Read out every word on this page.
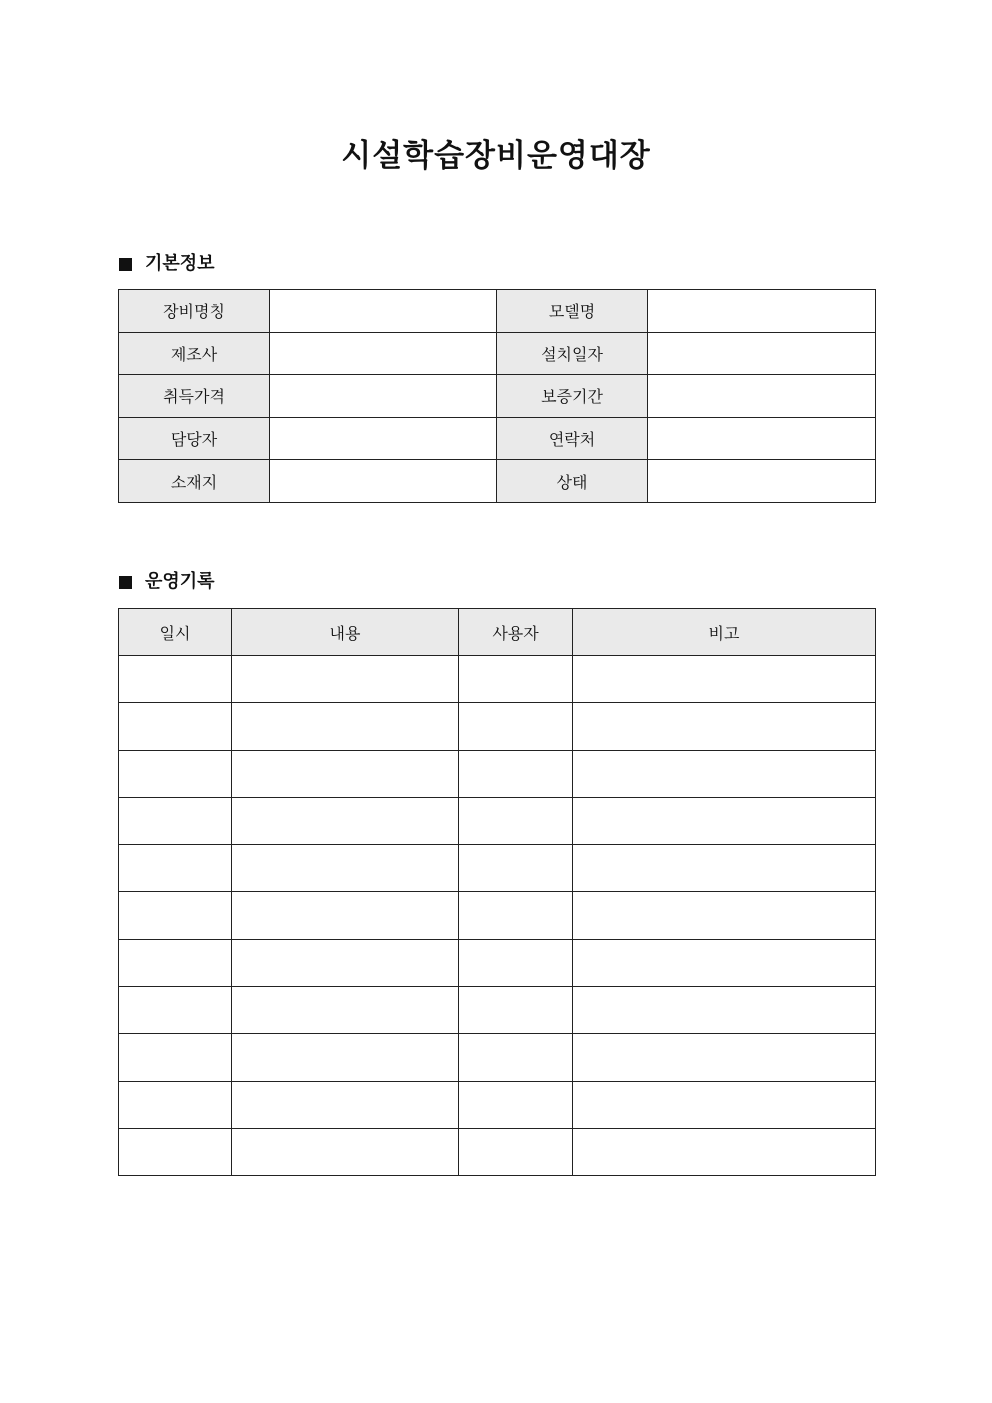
시설학습장비운영대장
기본정보
장비명칭		모델명	
제조사		설치일자	
취득가격		보증기간	
담당자		연락처	
소재지		상태	
운영기록
일시	내용	사용자	비고
